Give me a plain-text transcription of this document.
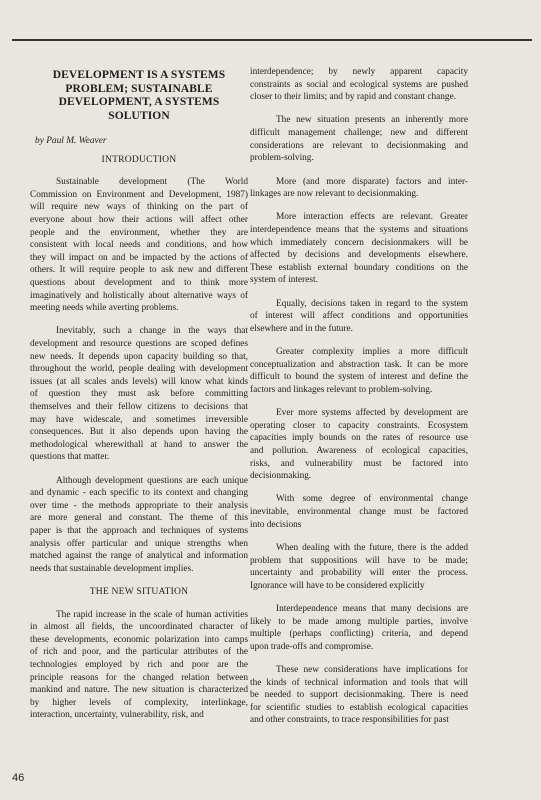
DEVELOPMENT IS A SYSTEMS
PROBLEM; SUSTAINABLE
DEVELOPMENT, A SYSTEMS
SOLUTION
by Paul M. Weaver
INTRODUCTION
Sustainable development (The World
Commission on Environment and Development, 1987)
will require new ways of thinking on the part of
everyone about how their actions will affect other
people and the environment, whether they are
consistent with local needs and conditions, and how
they will impact on and be impacted by the actions of
others. It will require people to ask new and different
questions about development and to think more
imaginatively and holistically about alternative ways of
meeting needs while averting problems.
Inevitably, such a change in the ways that
development and resource questions are scoped defines
new needs. It depends upon capacity building so that,
throughout the world, people dealing with development
issues (at all scales ands levels) will know what kinds
of question they must ask before committing
themselves and their fellow citizens to decisions that
may have widescale, and sometimes irreversible
consequences. But it also depends upon having the
methodological wherewithall at hand to answer the
questions that matter.
Although development questions are each unique
and dynamic - each specific to its context and changing
over time - the methods appropriate to their analysis
are more general and constant. The theme of this
paper is that the approach and techniques of systems
analysis offer particular and unique strengths when
matched against the range of analytical and information
needs that sustainable development implies.
THE NEW SITUATION
The rapid increase in the scale of human activities
in almost all fields, the uncoordinated character of
these developments, economic polarization into camps
of rich and poor, and the particular attributes of the
technologies employed by rich and poor are the
principle reasons for the changed relation between
mankind and nature. The new situation is characterized
by higher levels of complexity, interlinkage,
interaction, uncertainty, vulnerability, risk, and
interdependence; by newly apparent capacity
constraints as social and ecological systems are pushed
closer to their limits; and by rapid and constant change.
The new situation presents an inherently more
difficult management challenge; new and different
considerations are relevant to decisionmaking and
problem-solving.
More (and more disparate) factors and inter-
linkages are now relevant to decisionmaking.
More interaction effects are relevant. Greater
interdependence means that the systems and situations
which immediately concern decisionmakers will be
affected by decisions and developments elsewhere.
These establish external boundary conditions on the
system of interest.
Equally, decisions taken in regard to the system
of interest will affect conditions and opportunities
elsewhere and in the future.
Greater complexity implies a more difficult
conceptualization and abstraction task. It can be more
difficult to bound the system of interest and define the
factors and linkages relevant to problem-solving.
Ever more systems affected by development are
operating closer to capacity constraints. Ecosystem
capacities imply bounds on the rates of resource use
and pollution. Awareness of ecological capacities,
risks, and vulnerability must be factored into
decisionmaking.
With some degree of environmental change
inevitable, environmental change must be factored
into decisions
When dealing with the future, there is the added
problem that suppositions will have to be made;
uncertainty and probability will enter the process.
Ignorance will have to be considered explicitly
Interdependence means that many decisions are
likely to be made among multiple parties, involve
multiple (perhaps conflicting) criteria, and depend
upon trade-offs and compromise.
These new considerations have implications for
the kinds of technical information and tools that will
be needed to support decisionmaking. There is need
for scientific studies to establish ecological capacities
and other constraints, to trace responsibilities for past
46
